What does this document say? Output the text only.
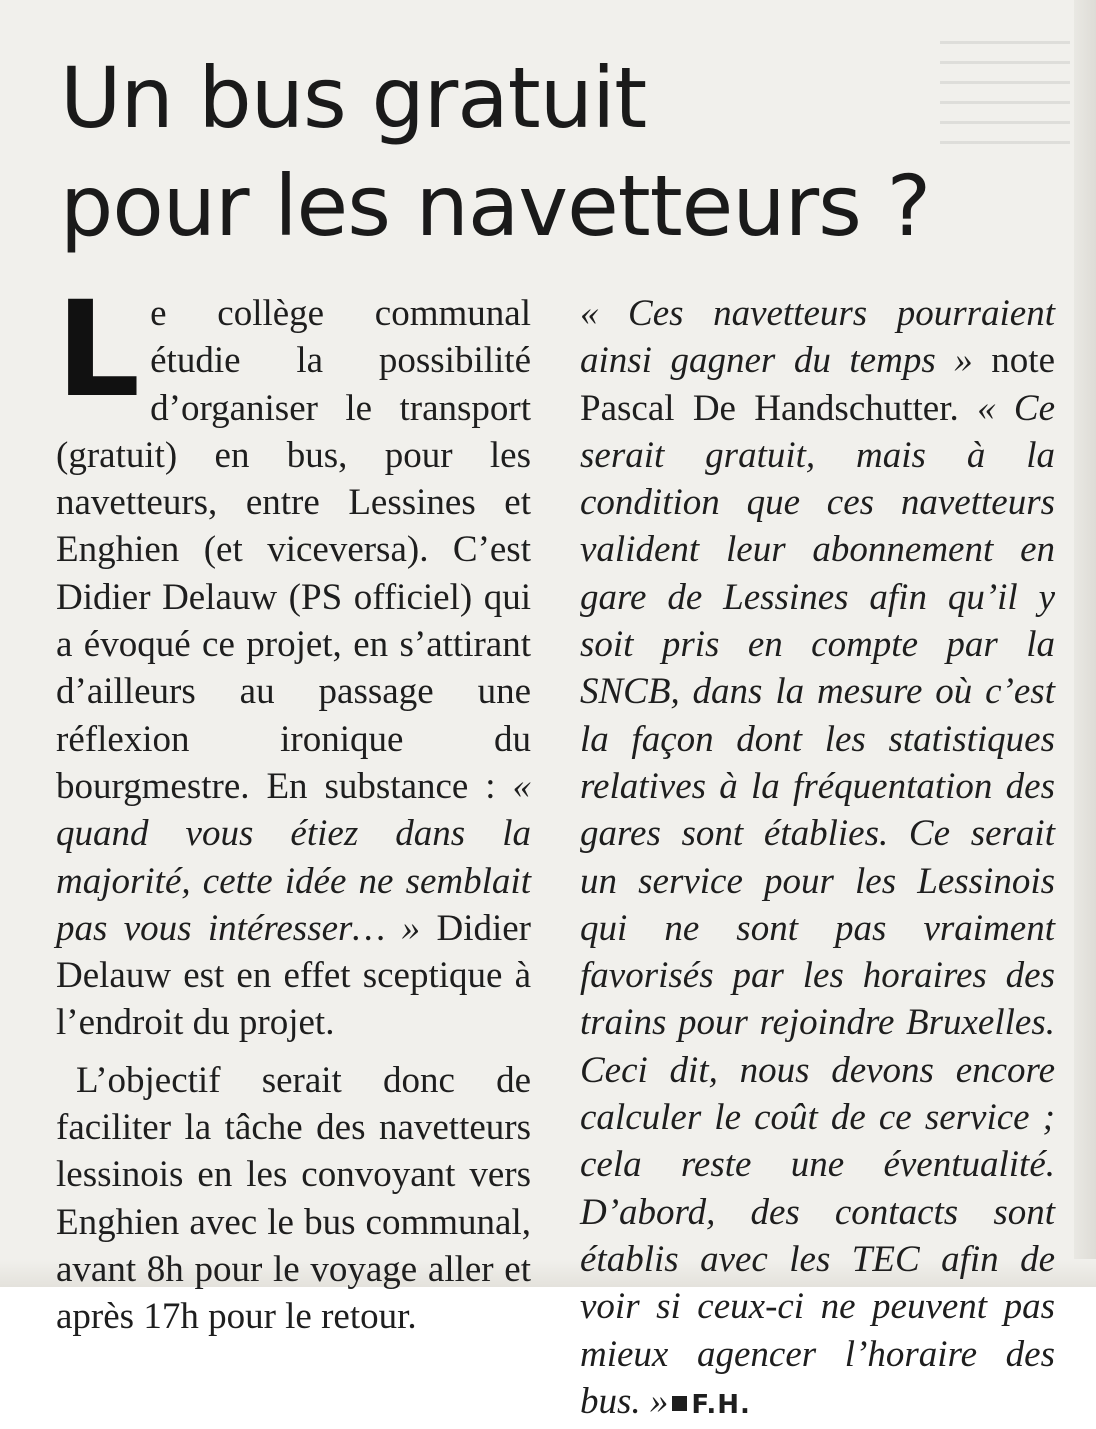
Un bus gratuit
pour les navetteurs ?

Le collège communal étudie la possibilité d’organiser le transport (gratuit) en bus, pour les navetteurs, entre Lessines et Enghien (et viceversa). C’est Didier Delauw (PS officiel) qui a évoqué ce projet, en s’attirant d’ailleurs au passage une réflexion ironique du bourgmestre. En substance : « quand vous étiez dans la majorité, cette idée ne semblait pas vous intéresser… » Didier Delauw est en effet sceptique à l’endroit du projet.

L’objectif serait donc de faciliter la tâche des navetteurs lessinois en les convoyant vers Enghien avec le bus communal, avant 8h pour le voyage aller et après 17h pour le retour.

« Ces navetteurs pourraient ainsi gagner du temps » note Pascal De Handschutter. « Ce serait gratuit, mais à la condition que ces navetteurs valident leur abonnement en gare de Lessines afin qu’il y soit pris en compte par la SNCB, dans la mesure où c’est la façon dont les statistiques relatives à la fréquentation des gares sont établies. Ce serait un service pour les Lessinois qui ne sont pas vraiment favorisés par les horaires des trains pour rejoindre Bruxelles. Ceci dit, nous devons encore calculer le coût de ce service ; cela reste une éventualité. D’abord, des contacts sont établis avec les TEC afin de voir si ceux-ci ne peuvent pas mieux agencer l’horaire des bus. » F.H.
